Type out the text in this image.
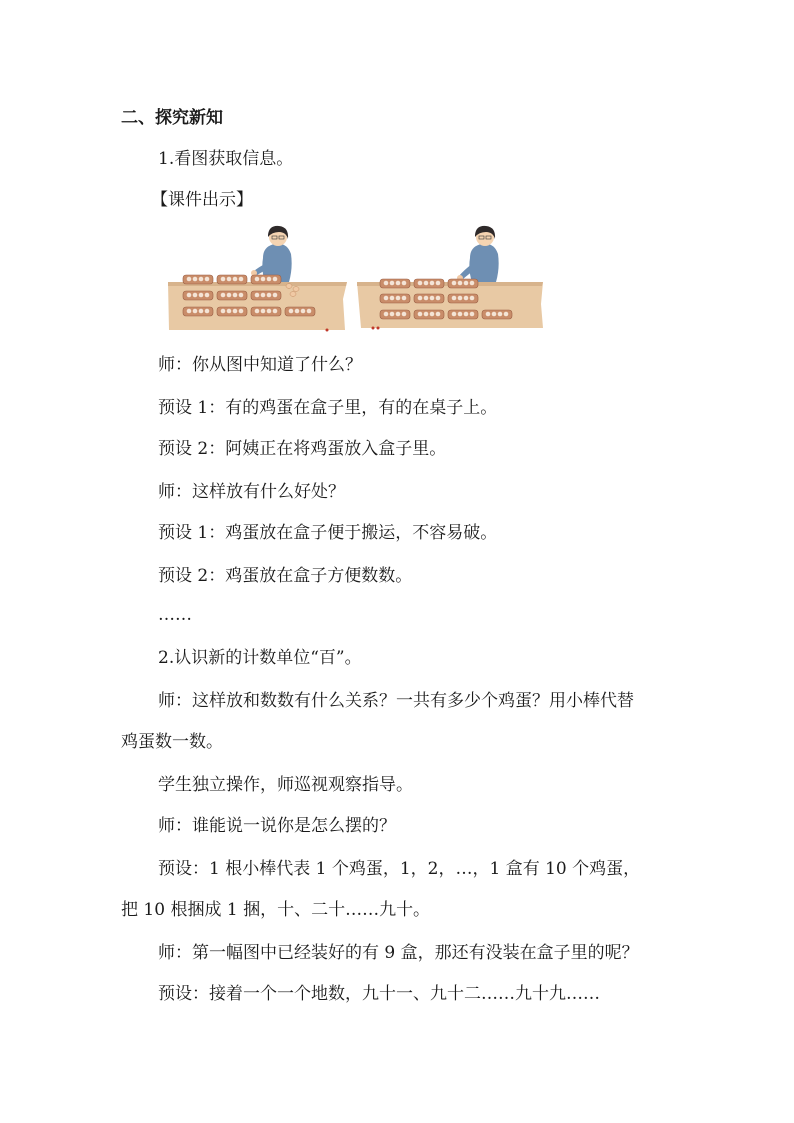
二、探究新知
1.看图获取信息。
【课件出示】
师：你从图中知道了什么？
预设 1：有的鸡蛋在盒子里，有的在桌子上。
预设 2：阿姨正在将鸡蛋放入盒子里。
师：这样放有什么好处？
预设 1：鸡蛋放在盒子便于搬运，不容易破。
预设 2：鸡蛋放在盒子方便数数。
……
2.认识新的计数单位“百”。
师：这样放和数数有什么关系？一共有多少个鸡蛋？用小棒代替
鸡蛋数一数。
学生独立操作，师巡视观察指导。
师：谁能说一说你是怎么摆的？
预设：1 根小棒代表 1 个鸡蛋，1，2，…，1 盒有 10 个鸡蛋，
把 10 根捆成 1 捆，十、二十……九十。
师：第一幅图中已经装好的有 9 盒，那还有没装在盒子里的呢？
预设：接着一个一个地数，九十一、九十二……九十九……
